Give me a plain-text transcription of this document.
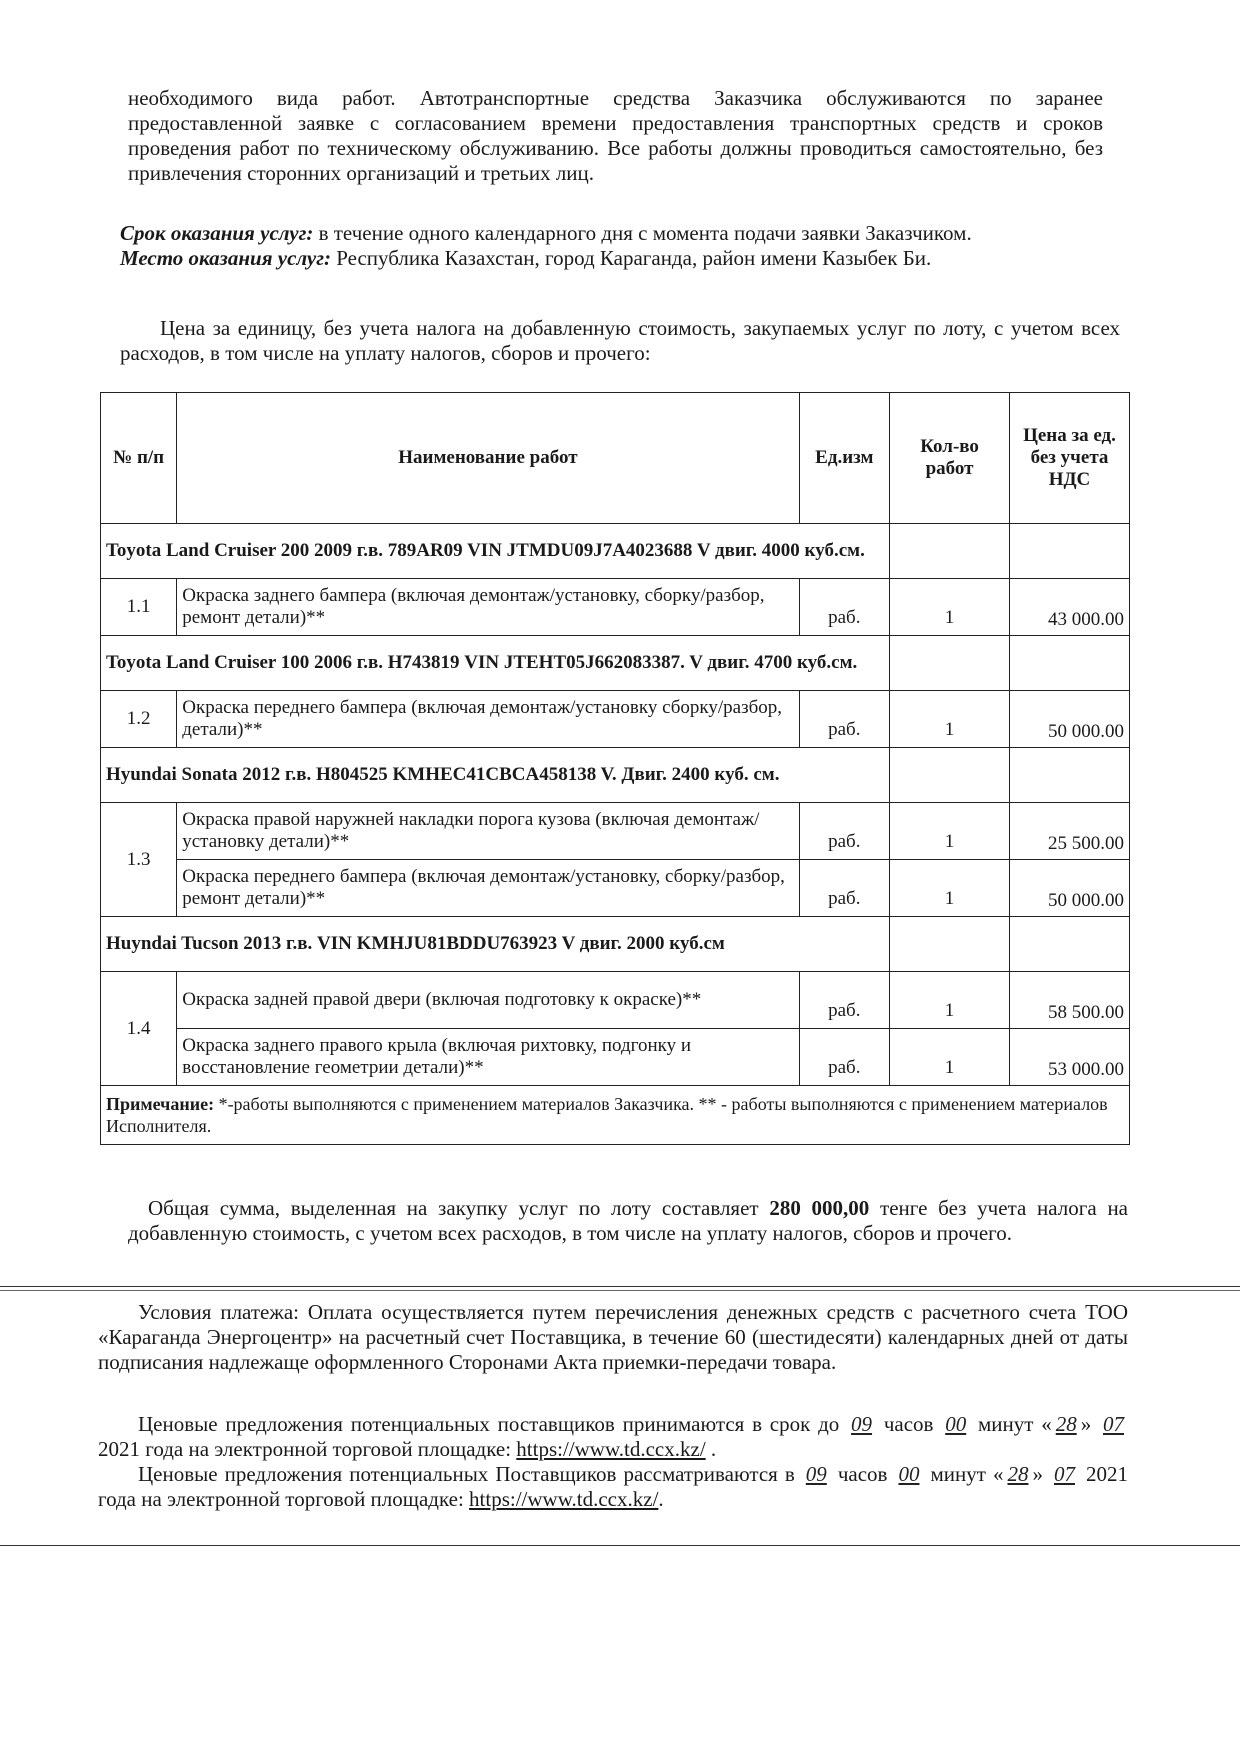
необходимого вида работ. Автотранспортные средства Заказчика обслуживаются по заранее предоставленной заявке с согласованием времени предоставления транспортных средств и сроков проведения работ по техническому обслуживанию. Все работы должны проводиться самостоятельно, без привлечения сторонних организаций и третьих лиц.
Срок оказания услуг: в течение одного календарного дня с момента подачи заявки Заказчиком.
Место оказания услуг: Республика Казахстан, город Караганда, район имени Казыбек Би.
Цена за единицу, без учета налога на добавленную стоимость, закупаемых услуг по лоту, с учетом всех расходов, в том числе на уплату налогов, сборов и прочего:
№ п/п	Наименование работ	Ед.изм	Кол-во работ	Цена за ед. без учета НДС
Toyota Land Cruiser 200 2009 г.в. 789AR09 VIN JTMDU09J7A4023688 V двиг. 4000 куб.см.				
1.1	Окраска заднего бампера (включая демонтаж/установку, сборку/разбор, ремонт детали)**	раб.	1	43 000.00
Toyota Land Cruiser 100 2006 г.в. Н743819 VIN JTEHT05J662083387. V двиг. 4700 куб.см.				
1.2	Окраска переднего бампера (включая демонтаж/установку сборку/разбор, детали)**	раб.	1	50 000.00
Hyundai Sonata 2012 г.в. H804525 KMHEC41CBCA458138 V. Двиг. 2400 куб. см.				
1.3	Окраска правой наружней накладки порога кузова (включая демонтаж/установку детали)**	раб.	1	25 500.00
	Окраска переднего бампера (включая демонтаж/установку, сборку/разбор, ремонт детали)**	раб.	1	50 000.00
Huyndai Tucson 2013 г.в. VIN KMHJU81BDDU763923 V двиг. 2000 куб.см				
1.4	Окраска задней правой двери (включая подготовку к окраске)**	раб.	1	58 500.00
	Окраска заднего правого крыла (включая рихтовку, подгонку и восстановление геометрии детали)**	раб.	1	53 000.00
Примечание: *-работы выполняются с применением материалов Заказчика. ** - работы выполняются с применением материалов Исполнителя.				
Общая сумма, выделенная на закупку услуг по лоту составляет 280 000,00 тенге без учета налога на добавленную стоимость, с учетом всех расходов, в том числе на уплату налогов, сборов и прочего.
Условия платежа: Оплата осуществляется путем перечисления денежных средств с расчетного счета ТОО «Караганда Энергоцентр» на расчетный счет Поставщика, в течение 60 (шестидесяти) календарных дней от даты подписания надлежаще оформленного Сторонами Акта приемки-передачи товара.
Ценовые предложения потенциальных поставщиков принимаются в срок до 09 часов 00 минут « 28 » 07 2021 года на электронной торговой площадке: https://www.td.ccx.kz/ .
Ценовые предложения потенциальных Поставщиков рассматриваются в 09 часов 00 минут « 28 » 07 2021 года на электронной торговой площадке: https://www.td.ccx.kz/.
